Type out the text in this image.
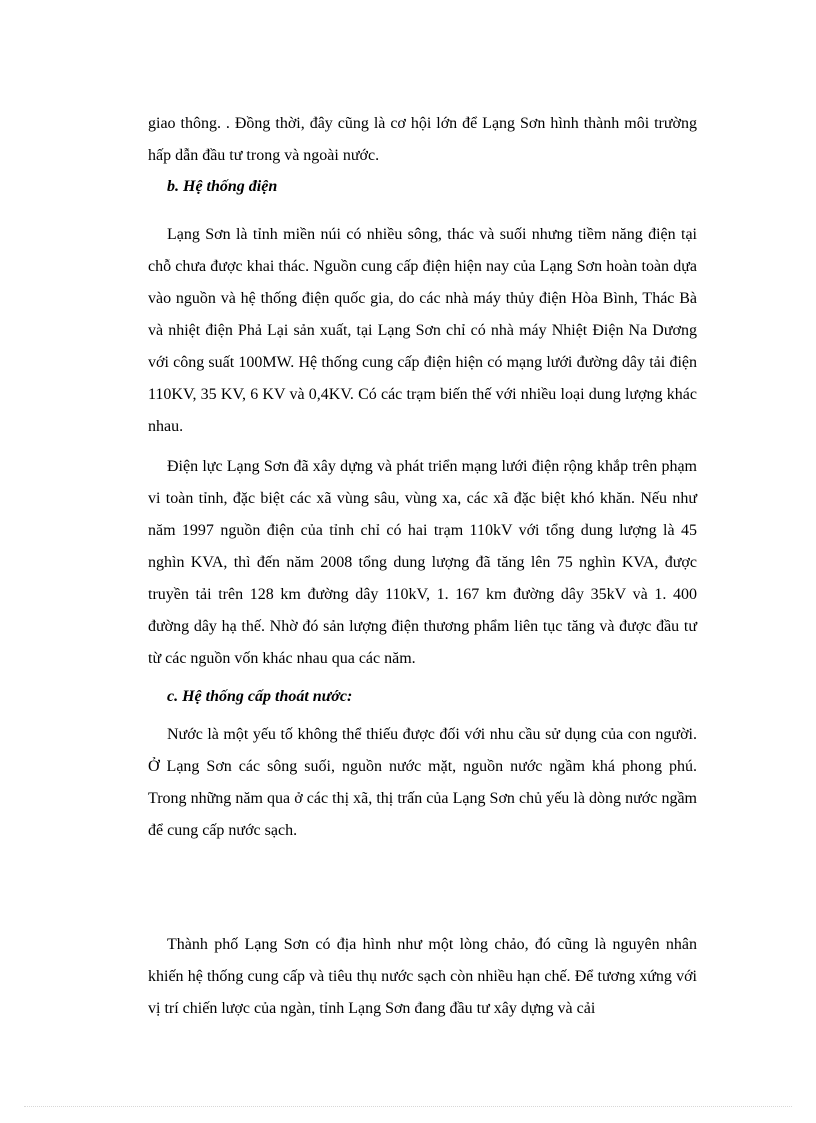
giao thông. . Đồng thời, đây cũng là cơ hội lớn để Lạng Sơn hình thành môi trường hấp dẫn đầu tư trong và ngoài nước.

b. Hệ thống điện

Lạng Sơn là tỉnh miền núi có nhiều sông, thác và suối nhưng tiềm năng điện tại chỗ chưa được khai thác. Nguồn cung cấp điện hiện nay của Lạng Sơn hoàn toàn dựa vào nguồn và hệ thống điện quốc gia, do các nhà máy thủy điện Hòa Bình, Thác Bà và nhiệt điện Phả Lại sản xuất, tại Lạng Sơn chỉ có nhà máy Nhiệt Điện Na Dương với công suất 100MW. Hệ thống cung cấp điện hiện có mạng lưới đường dây tải điện 110KV, 35 KV, 6 KV và 0,4KV. Có các trạm biến thế với nhiều loại dung lượng khác nhau.

Điện lực Lạng Sơn đã xây dựng và phát triển mạng lưới điện rộng khắp trên phạm vi toàn tỉnh, đặc biệt các xã vùng sâu, vùng xa, các xã đặc biệt khó khăn. Nếu như năm 1997 nguồn điện của tỉnh chỉ có hai trạm 110kV với tổng dung lượng là 45 nghìn KVA, thì đến năm 2008 tổng dung lượng đã tăng lên 75 nghìn KVA, được truyền tải trên 128 km đường dây 110kV, 1. 167 km đường dây 35kV và 1. 400 đường dây hạ thế. Nhờ đó sản lượng điện thương phẩm liên tục tăng và được đầu tư từ các nguồn vốn khác nhau qua các năm.

c. Hệ thống cấp thoát nước:

Nước là một yếu tố không thể thiếu được đối với nhu cầu sử dụng của con người. Ở Lạng Sơn các sông suối, nguồn nước mặt, nguồn nước ngầm khá phong phú. Trong những năm qua ở các thị xã, thị trấn của Lạng Sơn chủ yếu là dòng nước ngầm để cung cấp nước sạch.

Thành phố Lạng Sơn có địa hình như một lòng chảo, đó cũng là nguyên nhân khiến hệ thống cung cấp và tiêu thụ nước sạch còn nhiều hạn chế. Để tương xứng với vị trí chiến lược của ngàn, tỉnh Lạng Sơn đang đầu tư xây dựng và cải
